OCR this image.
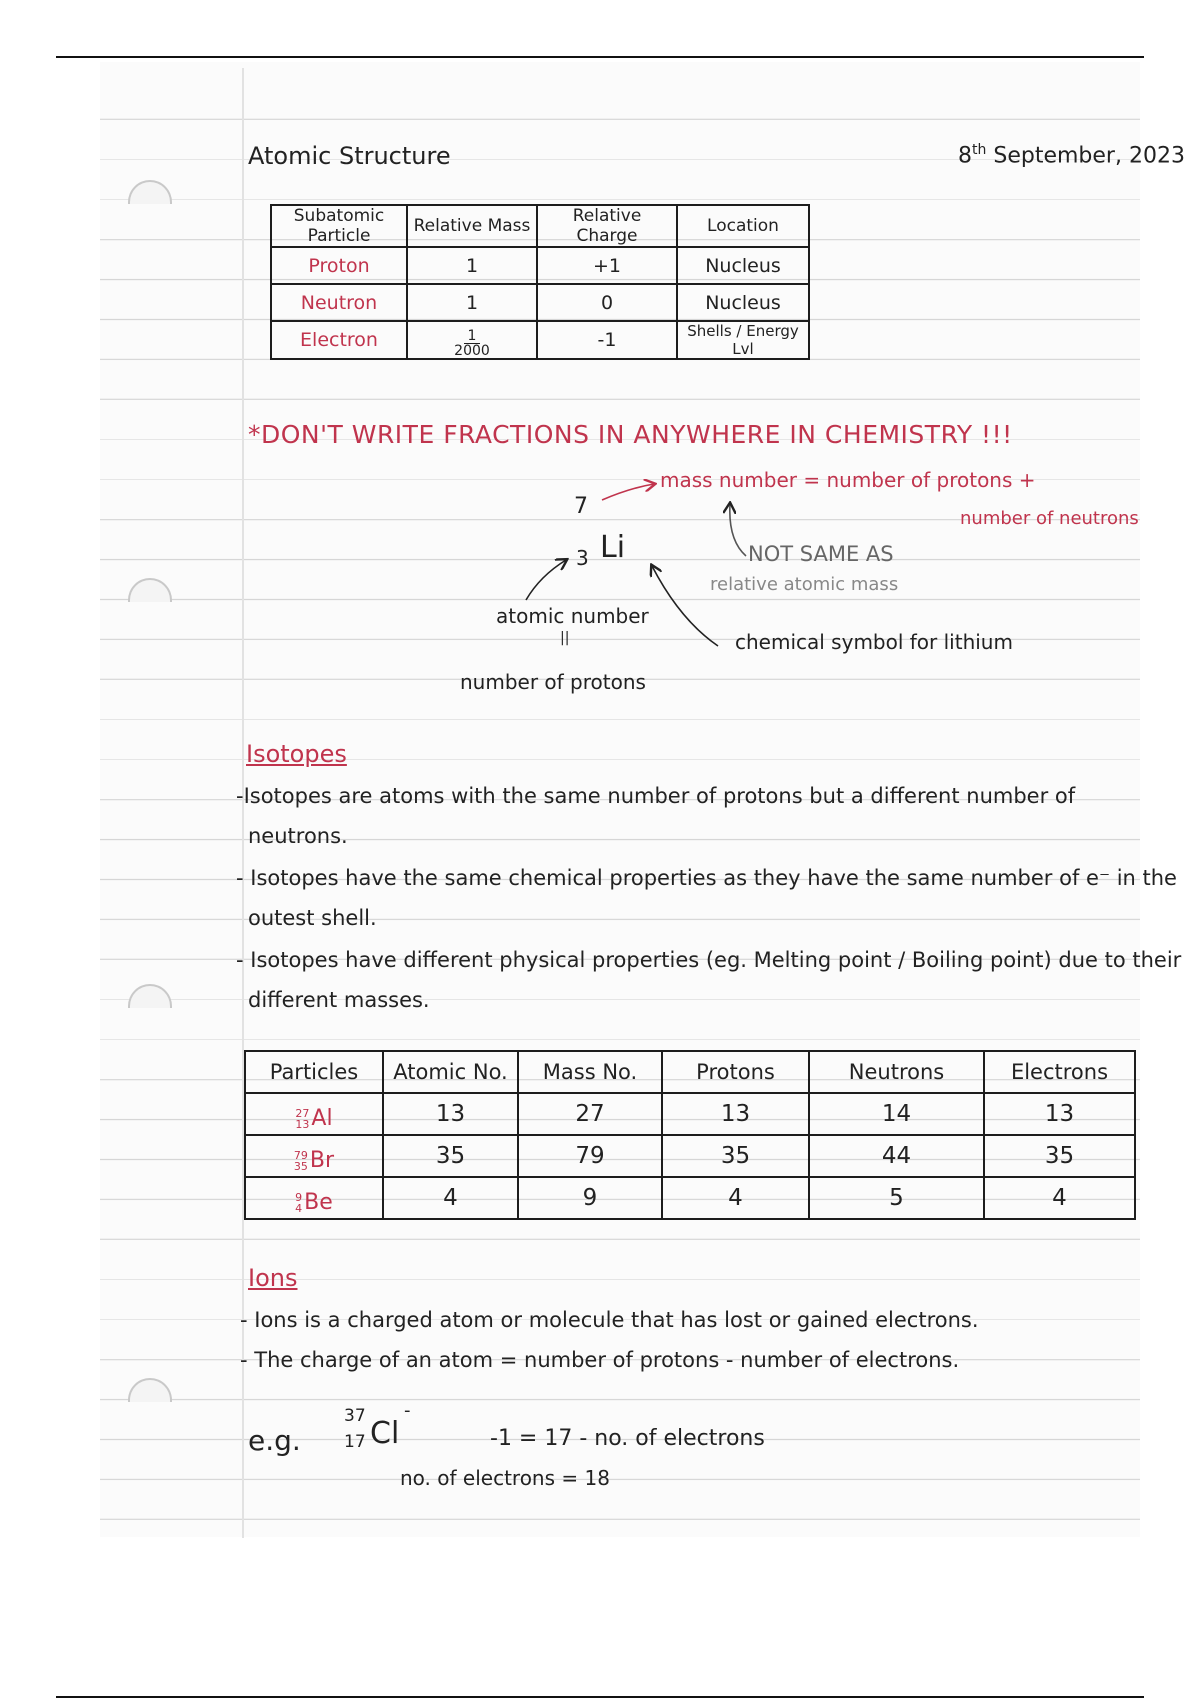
Atomic Structure	8th September, 2023
Subatomic Particle	Relative Mass	Relative Charge	Location
Proton	1	+1	Nucleus
Neutron	1	0	Nucleus
Electron	$\frac{1}{2000}$	-1	Shells / Energy Lvl
*DON'T WRITE FRACTIONS IN ANYWHERE IN CHEMISTRY !!!
7
3 Li
mass number = number of protons +
number of neutrons
NOT SAME AS
relative atomic mass
atomic number
||
number of protons
chemical symbol for lithium
Isotopes
-Isotopes are atoms with the same number of protons but a different number of
neutrons.
- Isotopes have the same chemical properties as they have the same number of e⁻ in the
outest shell.
- Isotopes have different physical properties (eg. Melting point / Boiling point) due to their
different masses.
Particles	Atomic No.	Mass No.	Protons	Neutrons	Electrons

27
13 Al	13	27	13	14	13

79
35 Br	35	79	35	44	35

9
4 Be	4	9	4	5	4
Ions
- Ions is a charged atom or molecule that has lost or gained electrons.
- The charge of an atom = number of protons - number of electrons.
e.g.
37
17 Cl
-
-1 = 17 - no. of electrons
no. of electrons = 18
